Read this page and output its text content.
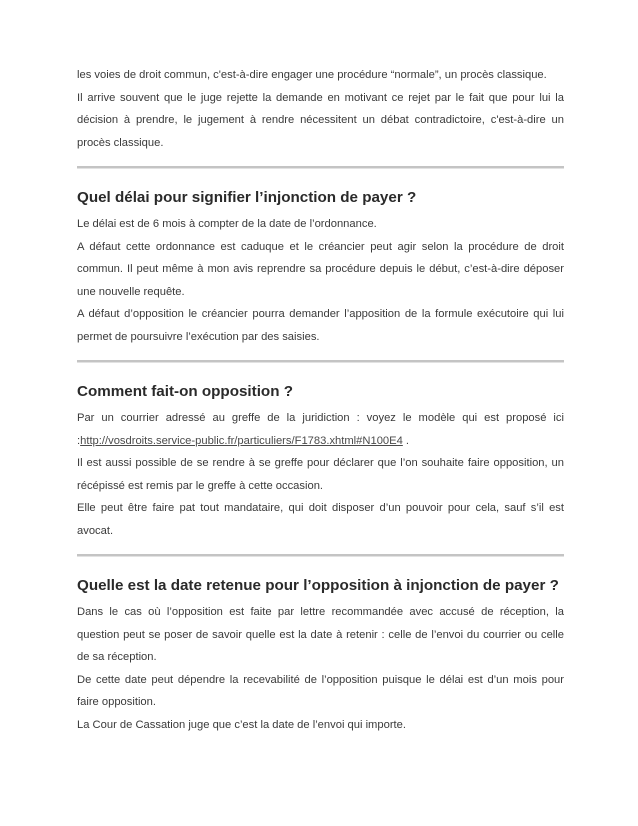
les voies de droit commun, c'est-à-dire engager une procédure “normale”, un procès classique.

Il arrive souvent que le juge rejette la demande en motivant ce rejet par le fait que pour lui la décision à prendre, le jugement à rendre nécessitent un débat contradictoire, c'est-à-dire un procès classique.

Quel délai pour signifier l’injonction de payer ?

Le délai est de 6 mois à compter de la date de l’ordonnance.

A défaut cette ordonnance est caduque et le créancier peut agir selon la procédure de droit commun. Il peut même à mon avis reprendre sa procédure depuis le début, c’est-à-dire déposer une nouvelle requête.

A défaut d’opposition le créancier pourra demander l’apposition de la formule exécutoire qui lui permet de poursuivre l’exécution par des saisies.

Comment fait-on opposition ?

Par un courrier adressé au greffe de la juridiction : voyez le modèle qui est proposé ici :http://vosdroits.service-public.fr/particuliers/F1783.xhtml#N100E4 .

Il est aussi possible de se rendre à se greffe pour déclarer que l’on souhaite faire opposition, un récépissé est remis par le greffe à cette occasion.

Elle peut être faire pat tout mandataire, qui doit disposer d’un pouvoir pour cela, sauf s’il est avocat.

Quelle est la date retenue pour l’opposition à injonction de payer ?

Dans le cas où l’opposition est faite par lettre recommandée avec accusé de réception, la question peut se poser de savoir quelle est la date à retenir : celle de l’envoi du courrier ou celle de sa réception.

De cette date peut dépendre la recevabilité de l’opposition puisque le délai est d’un mois pour faire opposition.

La Cour de Cassation juge que c’est la date de l’envoi qui importe.
